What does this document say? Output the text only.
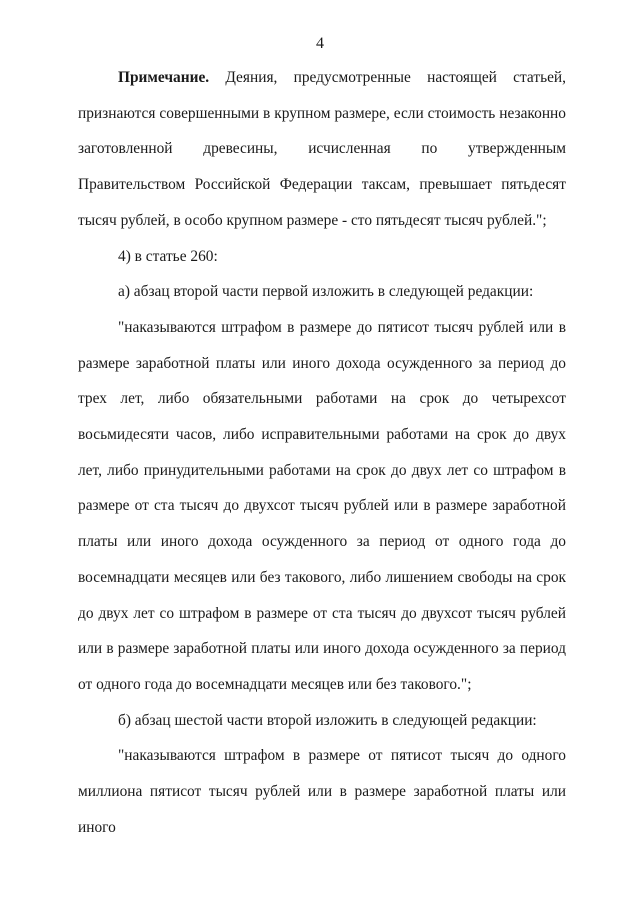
4

Примечание. Деяния, предусмотренные настоящей статьей, признаются совершенными в крупном размере, если стоимость незаконно заготовленной древесины, исчисленная по утвержденным Правительством Российской Федерации таксам, превышает пятьдесят тысяч рублей, в особо крупном размере - сто пятьдесят тысяч рублей.";

4) в статье 260:

а) абзац второй части первой изложить в следующей редакции:

"наказываются штрафом в размере до пятисот тысяч рублей или в размере заработной платы или иного дохода осужденного за период до трех лет, либо обязательными работами на срок до четырехсот восьмидесяти часов, либо исправительными работами на срок до двух лет, либо принудительными работами на срок до двух лет со штрафом в размере от ста тысяч до двухсот тысяч рублей или в размере заработной платы или иного дохода осужденного за период от одного года до восемнадцати месяцев или без такового, либо лишением свободы на срок до двух лет со штрафом в размере от ста тысяч до двухсот тысяч рублей или в размере заработной платы или иного дохода осужденного за период от одного года до восемнадцати месяцев или без такового.";

б) абзац шестой части второй изложить в следующей редакции:

"наказываются штрафом в размере от пятисот тысяч до одного миллиона пятисот тысяч рублей или в размере заработной платы или иного
